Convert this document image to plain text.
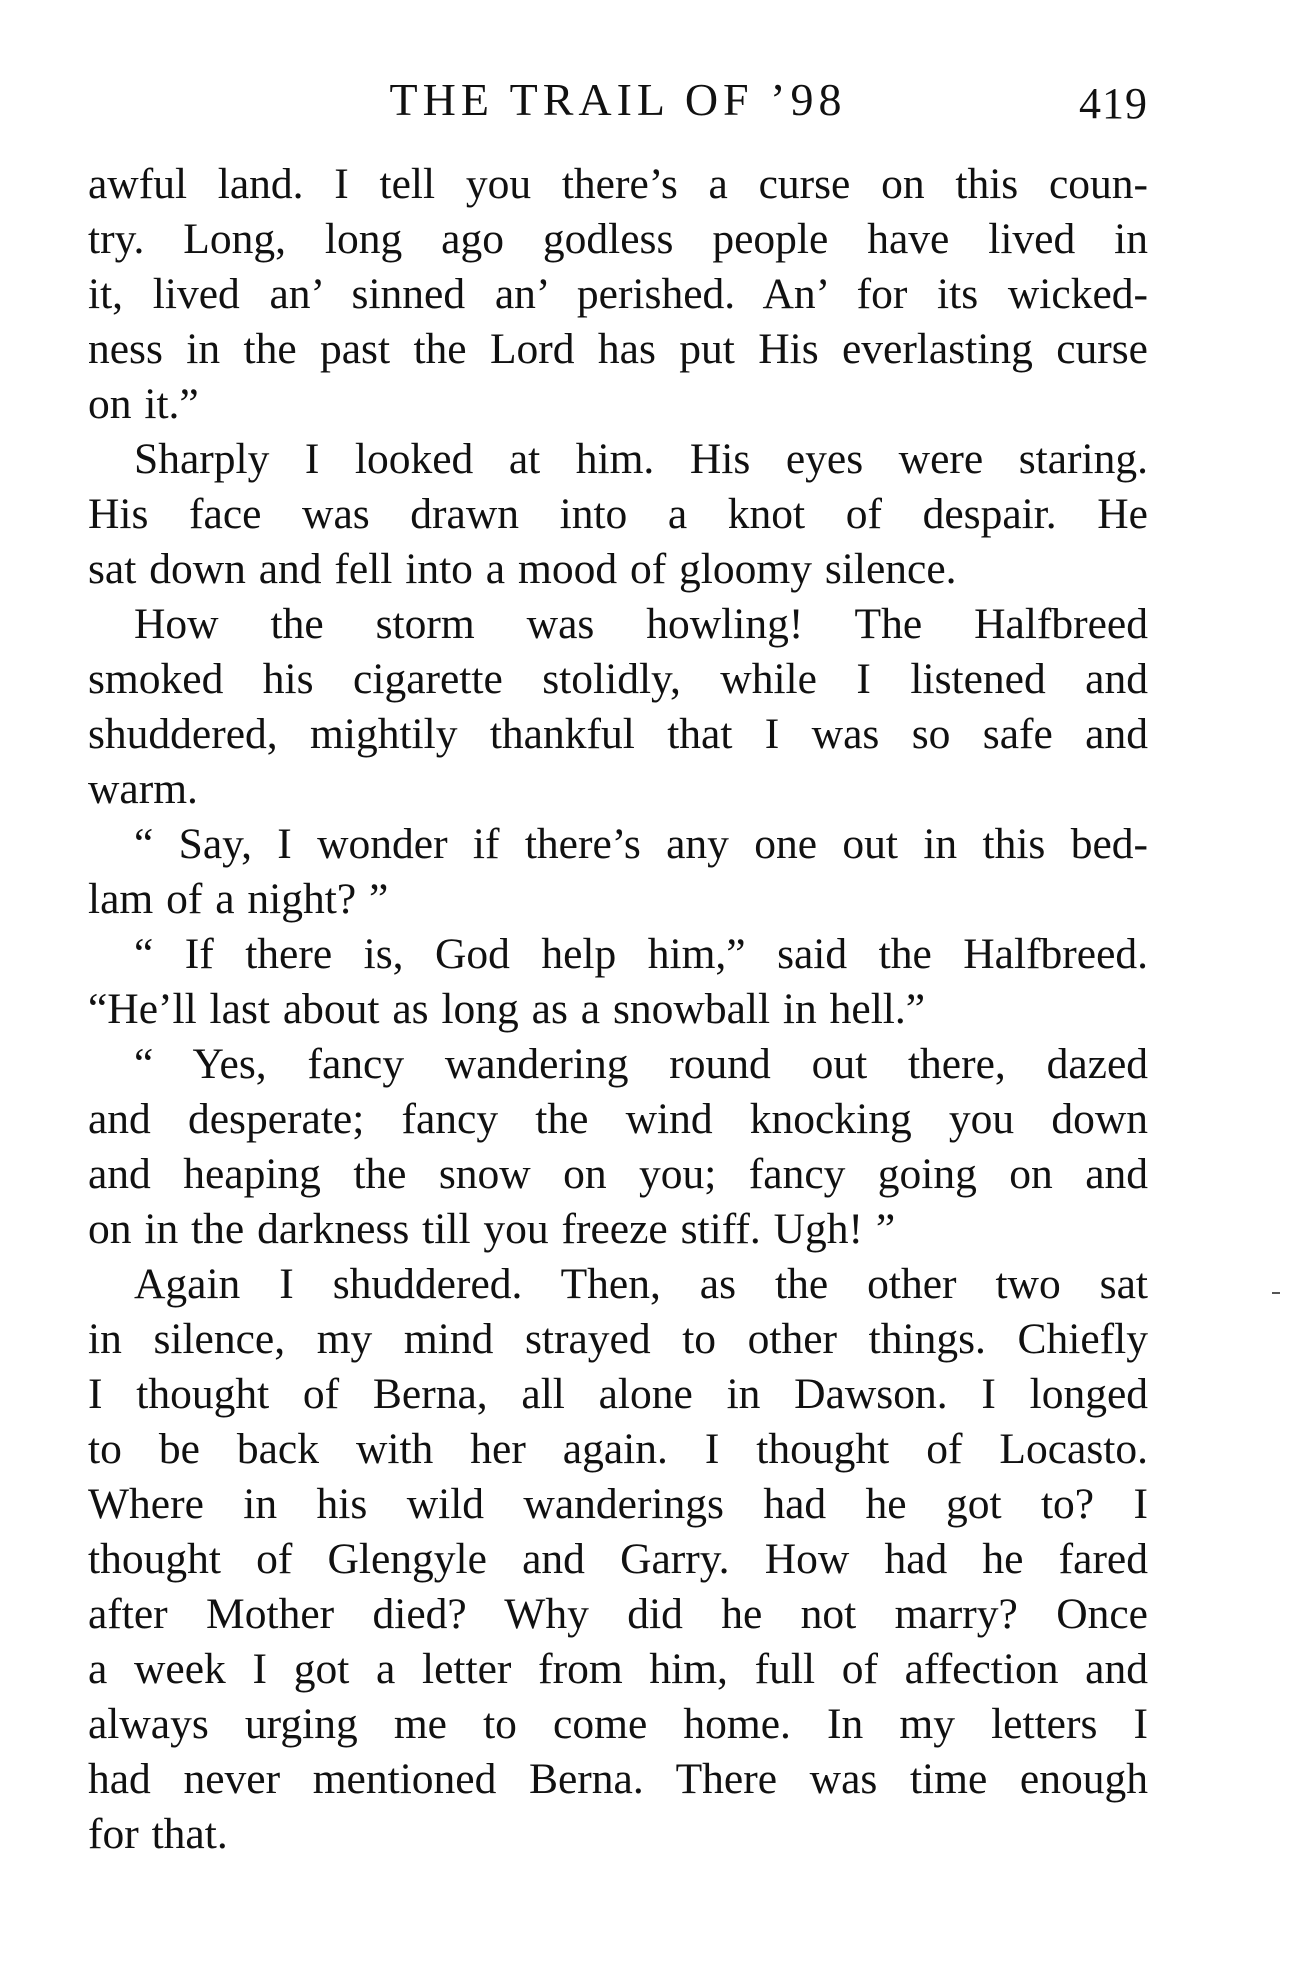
THE TRAIL OF ’98	419
awful land. I tell you there’s a curse on this coun-
try. Long, long ago godless people have lived in
it, lived an’ sinned an’ perished. An’ for its wicked-
ness in the past the Lord has put His everlasting curse
on it.”
Sharply I looked at him. His eyes were staring.
His face was drawn into a knot of despair. He
sat down and fell into a mood of gloomy silence.
How the storm was howling! The Halfbreed
smoked his cigarette stolidly, while I listened and
shuddered, mightily thankful that I was so safe and
warm.
“ Say, I wonder if there’s any one out in this bed-
lam of a night? ”
“ If there is, God help him,” said the Halfbreed.
“He’ll last about as long as a snowball in hell.”
“ Yes, fancy wandering round out there, dazed
and desperate; fancy the wind knocking you down
and heaping the snow on you; fancy going on and
on in the darkness till you freeze stiff. Ugh! ”
Again I shuddered. Then, as the other two sat
in silence, my mind strayed to other things. Chiefly
I thought of Berna, all alone in Dawson. I longed
to be back with her again. I thought of Locasto.
Where in his wild wanderings had he got to? I
thought of Glengyle and Garry. How had he fared
after Mother died? Why did he not marry? Once
a week I got a letter from him, full of affection and
always urging me to come home. In my letters I
had never mentioned Berna. There was time enough
for that.
